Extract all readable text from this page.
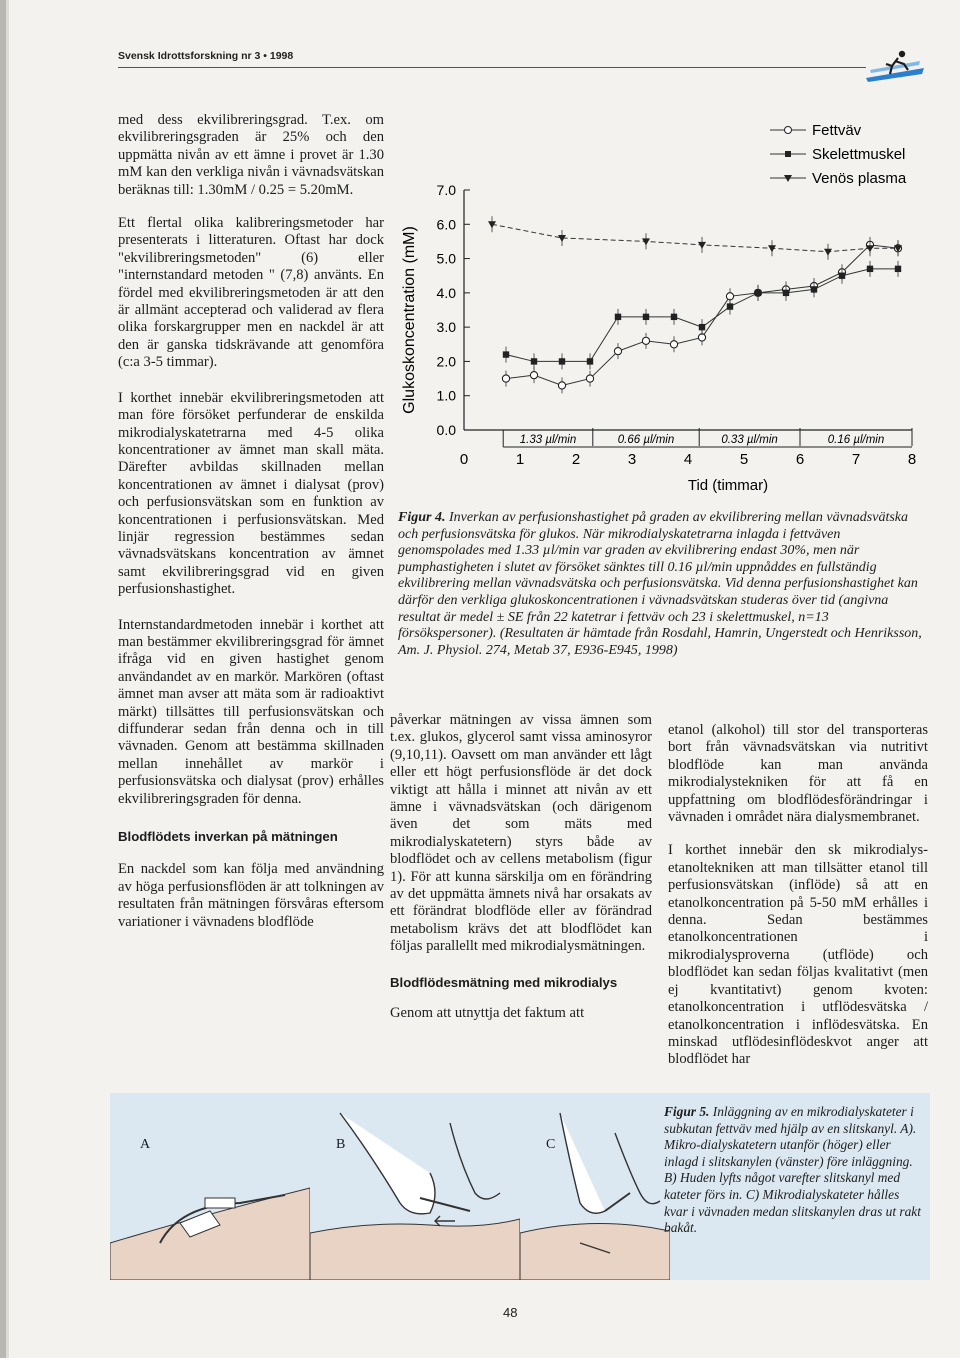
Svensk Idrottsforskning nr 3 • 1998

med dess ekvilibreringsgrad. T.ex. om ekvilibreringsgraden är 25% och den uppmätta nivån av ett ämne i provet är 1.30 mM kan den verkliga nivån i vävnadsvätskan beräknas till: 1.30mM / 0.25 = 5.20mM.

Ett flertal olika kalibreringsmetoder har presenterats i litteraturen. Oftast har dock "ekvilibreringsmetoden" (6) eller "internstandard metoden " (7,8) använts. En fördel med ekvilibreringsmetoden är att den är allmänt accepterad och validerad av flera olika forskargrupper men en nackdel är att den är ganska tidskrävande att genomföra (c:a 3-5 timmar).

I korthet innebär ekvilibreringsmetoden att man före försöket perfunderar de enskilda mikrodialyskatetrarna med 4-5 olika koncentrationer av ämnet man skall mäta. Därefter avbildas skillnaden mellan koncentrationen av ämnet i dialysat (prov) och perfusionsvätskan som en funktion av koncentrationen i perfusionsvätskan. Med linjär regression bestämmes sedan vävnadsvätskans koncentration av ämnet samt ekvilibreringsgrad vid en given perfusionshastighet.

Internstandardmetoden innebär i korthet att man bestämmer ekvilibreringsgrad för ämnet ifråga vid en given hastighet genom användandet av en markör. Markören (oftast ämnet man avser att mäta som är radioaktivt märkt) tillsättes till perfusionsvätskan och diffunderar sedan från denna och in till vävnaden. Genom att bestämma skillnaden mellan innehållet av markör i perfusionsvätska och dialysat (prov) erhålles ekvilibreringsgraden för denna.

Blodflödets inverkan på mätningen

En nackdel som kan följa med användning av höga perfusionsflöden är att tolkningen av resultaten från mätningen försvåras eftersom variationer i vävnadens blodflöde

0.0
1.0
2.0
3.0
4.0
5.0
6.0
7.0
0	1	2	3	4	5	6	7	8
1.33 µl/min	0.66 µl/min	0.33 µl/min	0.16 µl/min
Tid (timmar)
Glukoskoncentration (mM)
Fettväv
Skelettmuskel
Venös plasma
Figur 4. Inverkan av perfusionshastighet på graden av ekvilibrering mellan vävnadsvätska och perfusionsvätska för glukos. När mikrodialyskatetrarna inlagda i fettväven genomspolades med 1.33 µl/min var graden av ekvilibrering endast 30%, men när pumphastigheten i slutet av försöket sänktes till 0.16 µl/min uppnåddes en fullständig ekvilibrering mellan vävnadsvätska och perfusionsvätska. Vid denna perfusionshastighet kan därför den verkliga glukoskoncentrationen i vävnadsvätskan studeras över tid (angivna resultat är medel ± SE från 22 katetrar i fettväv och 23 i skelettmuskel, n=13 försökspersoner). (Resultaten är hämtade från Rosdahl, Hamrin, Ungerstedt och Henriksson, Am. J. Physiol. 274, Metab 37, E936-E945, 1998)

påverkar mätningen av vissa ämnen som t.ex. glukos, glycerol samt vissa aminosyror (9,10,11). Oavsett om man använder ett lågt eller ett högt perfusionsflöde är det dock viktigt att hålla i minnet att nivån av ett ämne i vävnadsvätskan (och därigenom även det som mäts med mikrodialyskatetern) styrs både av blodflödet och av cellens metabolism (figur 1). För att kunna särskilja om en förändring av det uppmätta ämnets nivå har orsakats av ett förändrat blodflöde eller av förändrad metabolism krävs det att blodflödet kan följas parallellt med mikrodialysmätningen.

Blodflödesmätning med mikrodialys

Genom att utnyttja det faktum att

etanol (alkohol) till stor del transporteras bort från vävnadsvätskan via nutritivt blodflöde kan man använda mikrodialystekniken för att få en uppfattning om blodflödesförändringar i vävnaden i området nära dialysmembranet.

I korthet innebär den sk mikrodialys-etanoltekniken att man tillsätter etanol till perfusionsvätskan (inflöde) så att en etanolkoncentration på 5-50 mM erhålles i denna. Sedan bestämmes etanolkoncentrationen i mikrodialysproverna (utflöde) och blodflödet kan sedan följas kvalitativt (men ej kvantitativt) genom kvoten: etanolkoncentration i utflödesvätska / etanolkoncentration i inflödesvätska. En minskad utflödesinflödeskvot anger att blodflödet har

A	B	C
Figur 5. Inläggning av en mikrodialyskateter i subkutan fettväv med hjälp av en slitskanyl. A). Mikro-dialyskatetern utanför (höger) eller inlagd i slitskanylen (vänster) före inläggning. B) Huden lyfts något varefter slitskanyl med kateter förs in. C) Mikrodialyskateter hålles kvar i vävnaden medan slitskanylen dras ut rakt bakåt.
48
